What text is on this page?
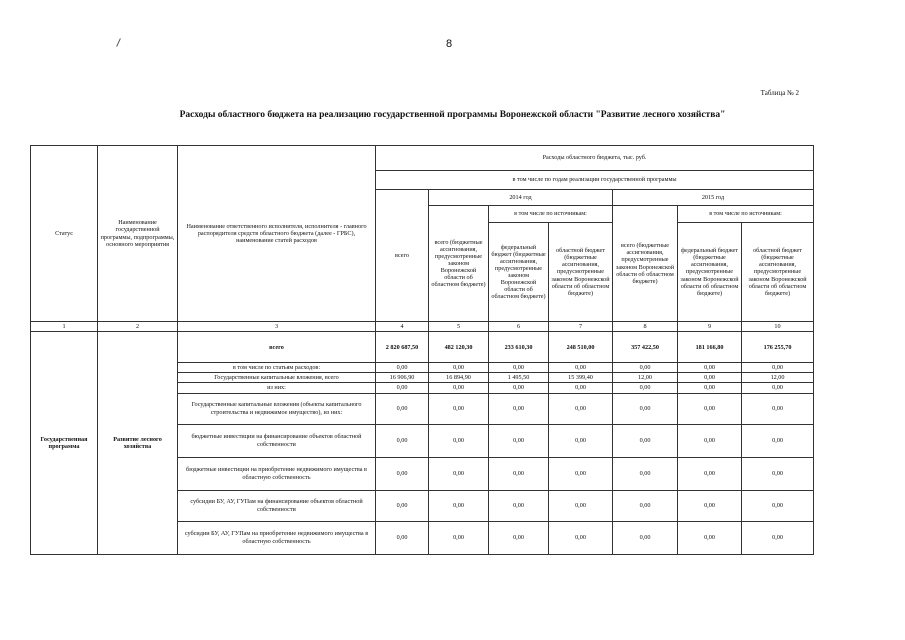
8
Таблица № 2
Расходы областного бюджета на реализацию государственной программы Воронежской области "Развитие лесного хозяйства"
Статус	Наименование государственной программы, подпрограммы, основного мероприятия	Наименование ответственного исполнителя, исполнителя - главного распорядителя средств областного бюджета (далее - ГРБС), наименование статей расходов	Расходы областного бюджета, тыс. руб.						
			в том числе по годам реализации государственной программы						
			всего	2014 год			2015 год		
				всего (бюджетные ассигнования, предусмотренные законом Воронежской области об областном бюджете)	в том числе по источникам:		всего (бюджетные ассигнования, предусмотренные законом Воронежской области об областном бюджете)	в том числе по источникам:	
					федеральный бюджет (бюджетные ассигнования, предусмотренные законом Воронежской области об областном бюджете)	областной бюджет (бюджетные ассигнования, предусмотренные законом Воронежской области об областном бюджете)		федеральный бюджет (бюджетные ассигнования, предусмотренные законом Воронежской области об областном бюджете)	областной бюджет (бюджетные ассигнования, предусмотренные законом Воронежской области об областном бюджете)
1	2	3	4	5	6	7	8	9	10
Государственная программа	Развитие лесного хозяйства	всего	2 820 687,50	482 120,30	233 610,30	248 510,00	357 422,50	181 166,80	176 255,70
		в том числе по статьям расходов:	0,00	0,00	0,00	0,00	0,00	0,00	0,00
		Государственные капитальные вложения, всего	16 906,90	16 894,90	1 495,50	15 399,40	12,00	0,00	12,00
		из них:	0,00	0,00	0,00	0,00	0,00	0,00	0,00
		Государственные капитальные вложения (объекты капитального строительства и недвижимое имущество), из них:	0,00	0,00	0,00	0,00	0,00	0,00	0,00
		бюджетные инвестиции на финансирование объектов областной собственности	0,00	0,00	0,00	0,00	0,00	0,00	0,00
		бюджетные инвестиции на приобретение недвижимого имущества в областную собственность	0,00	0,00	0,00	0,00	0,00	0,00	0,00
		субсидии БУ, АУ, ГУПам на финансирование объектов областной собственности	0,00	0,00	0,00	0,00	0,00	0,00	0,00
		субсидии БУ, АУ, ГУПам на приобретение недвижимого имущества в областную собственность	0,00	0,00	0,00	0,00	0,00	0,00	0,00
